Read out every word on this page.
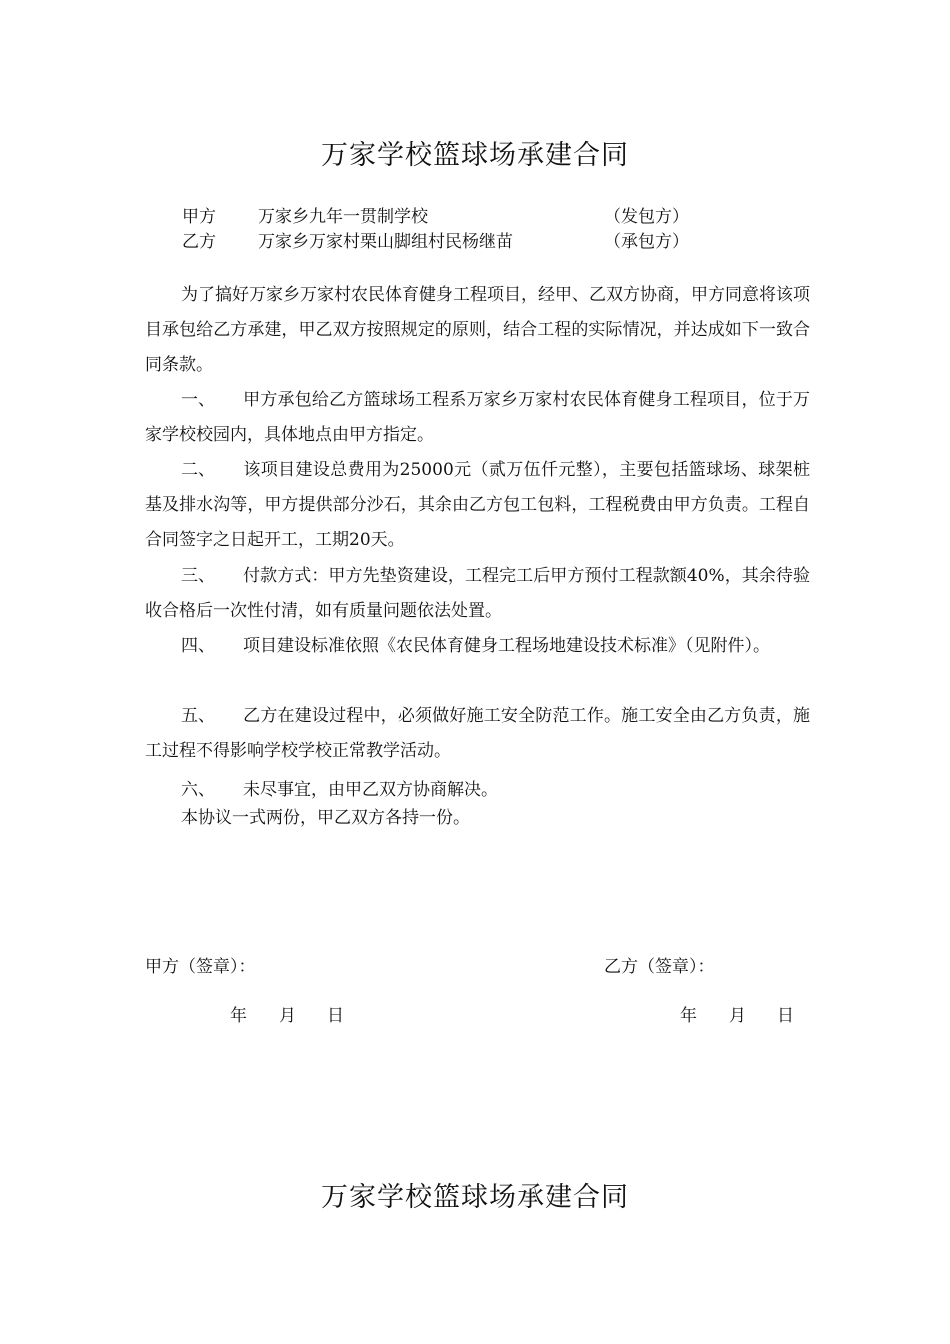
万家学校篮球场承建合同
甲方 万家乡九年一贯制学校	（发包方）
乙方 万家乡万家村栗山脚组村民杨继苗	（承包方）
为了搞好万家乡万家村农民体育健身工程项目，经甲、乙双方协商，甲方同意将该项目承包给乙方承建，甲乙双方按照规定的原则，结合工程的实际情况，并达成如下一致合同条款。
一、 甲方承包给乙方篮球场工程系万家乡万家村农民体育健身工程项目，位于万家学校校园内，具体地点由甲方指定。
二、 该项目建设总费用为25000元（贰万伍仟元整），主要包括篮球场、球架桩基及排水沟等，甲方提供部分沙石，其余由乙方包工包料，工程税费由甲方负责。工程自合同签字之日起开工，工期20天。
三、 付款方式：甲方先垫资建设，工程完工后甲方预付工程款额40%，其余待验收合格后一次性付清，如有质量问题依法处置。
四、 项目建设标准依照《农民体育健身工程场地建设技术标准》（见附件）。
五、 乙方在建设过程中，必须做好施工安全防范工作。施工安全由乙方负责，施工过程不得影响学校学校正常教学活动。
六、 未尽事宜，由甲乙双方协商解决。
本协议一式两份，甲乙双方各持一份。
甲方（签章）：	乙方（签章）：
年 月 日	年 月 日
万家学校篮球场承建合同
